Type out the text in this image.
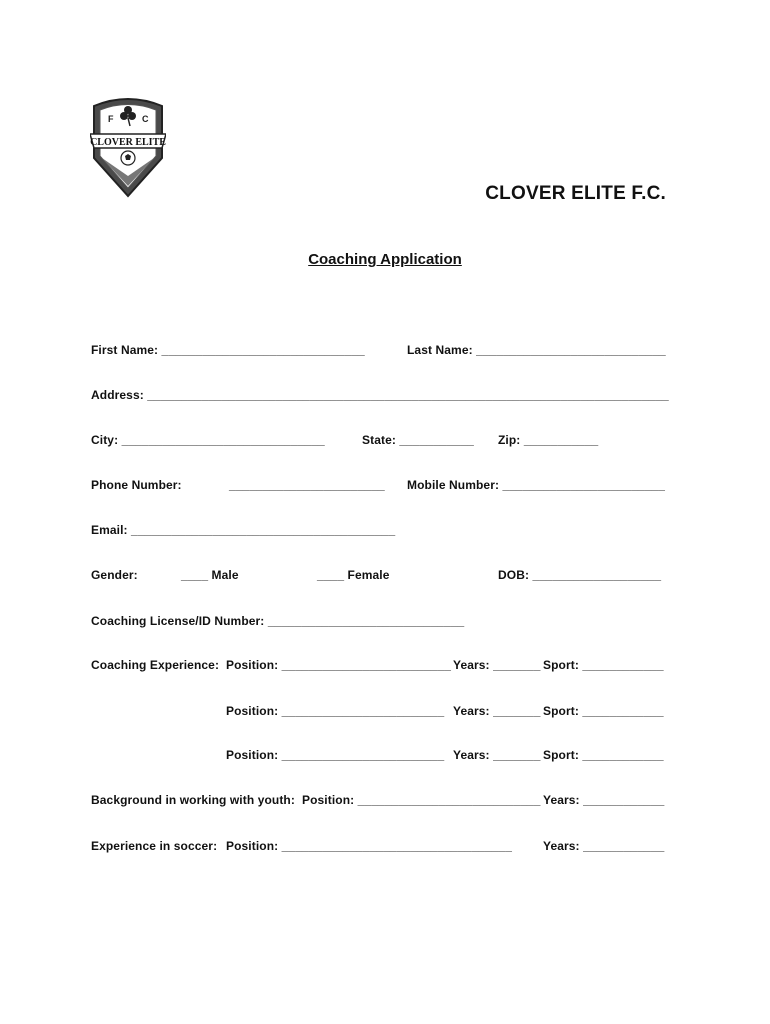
F	C
CLOVER ELITE
CLOVER ELITE F.C.
Coaching Application
First Name: ______________________________	Last Name: ____________________________
Address: _____________________________________________________________________________
City: ______________________________	State: ___________ Zip: ___________
Phone Number:	_______________________ Mobile Number: ________________________
Email: _______________________________________
Gender:	____ Male	____ Female	DOB: ___________________
Coaching License/ID Number: _____________________________
Coaching Experience: Position: _________________________ Years: _______ Sport: ____________
Position: ________________________ Years: _______ Sport: ____________
Position: ________________________ Years: _______ Sport: ____________
Background in working with youth: Position: ___________________________ Years: ____________
Experience in soccer: Position: __________________________________	Years: ____________
